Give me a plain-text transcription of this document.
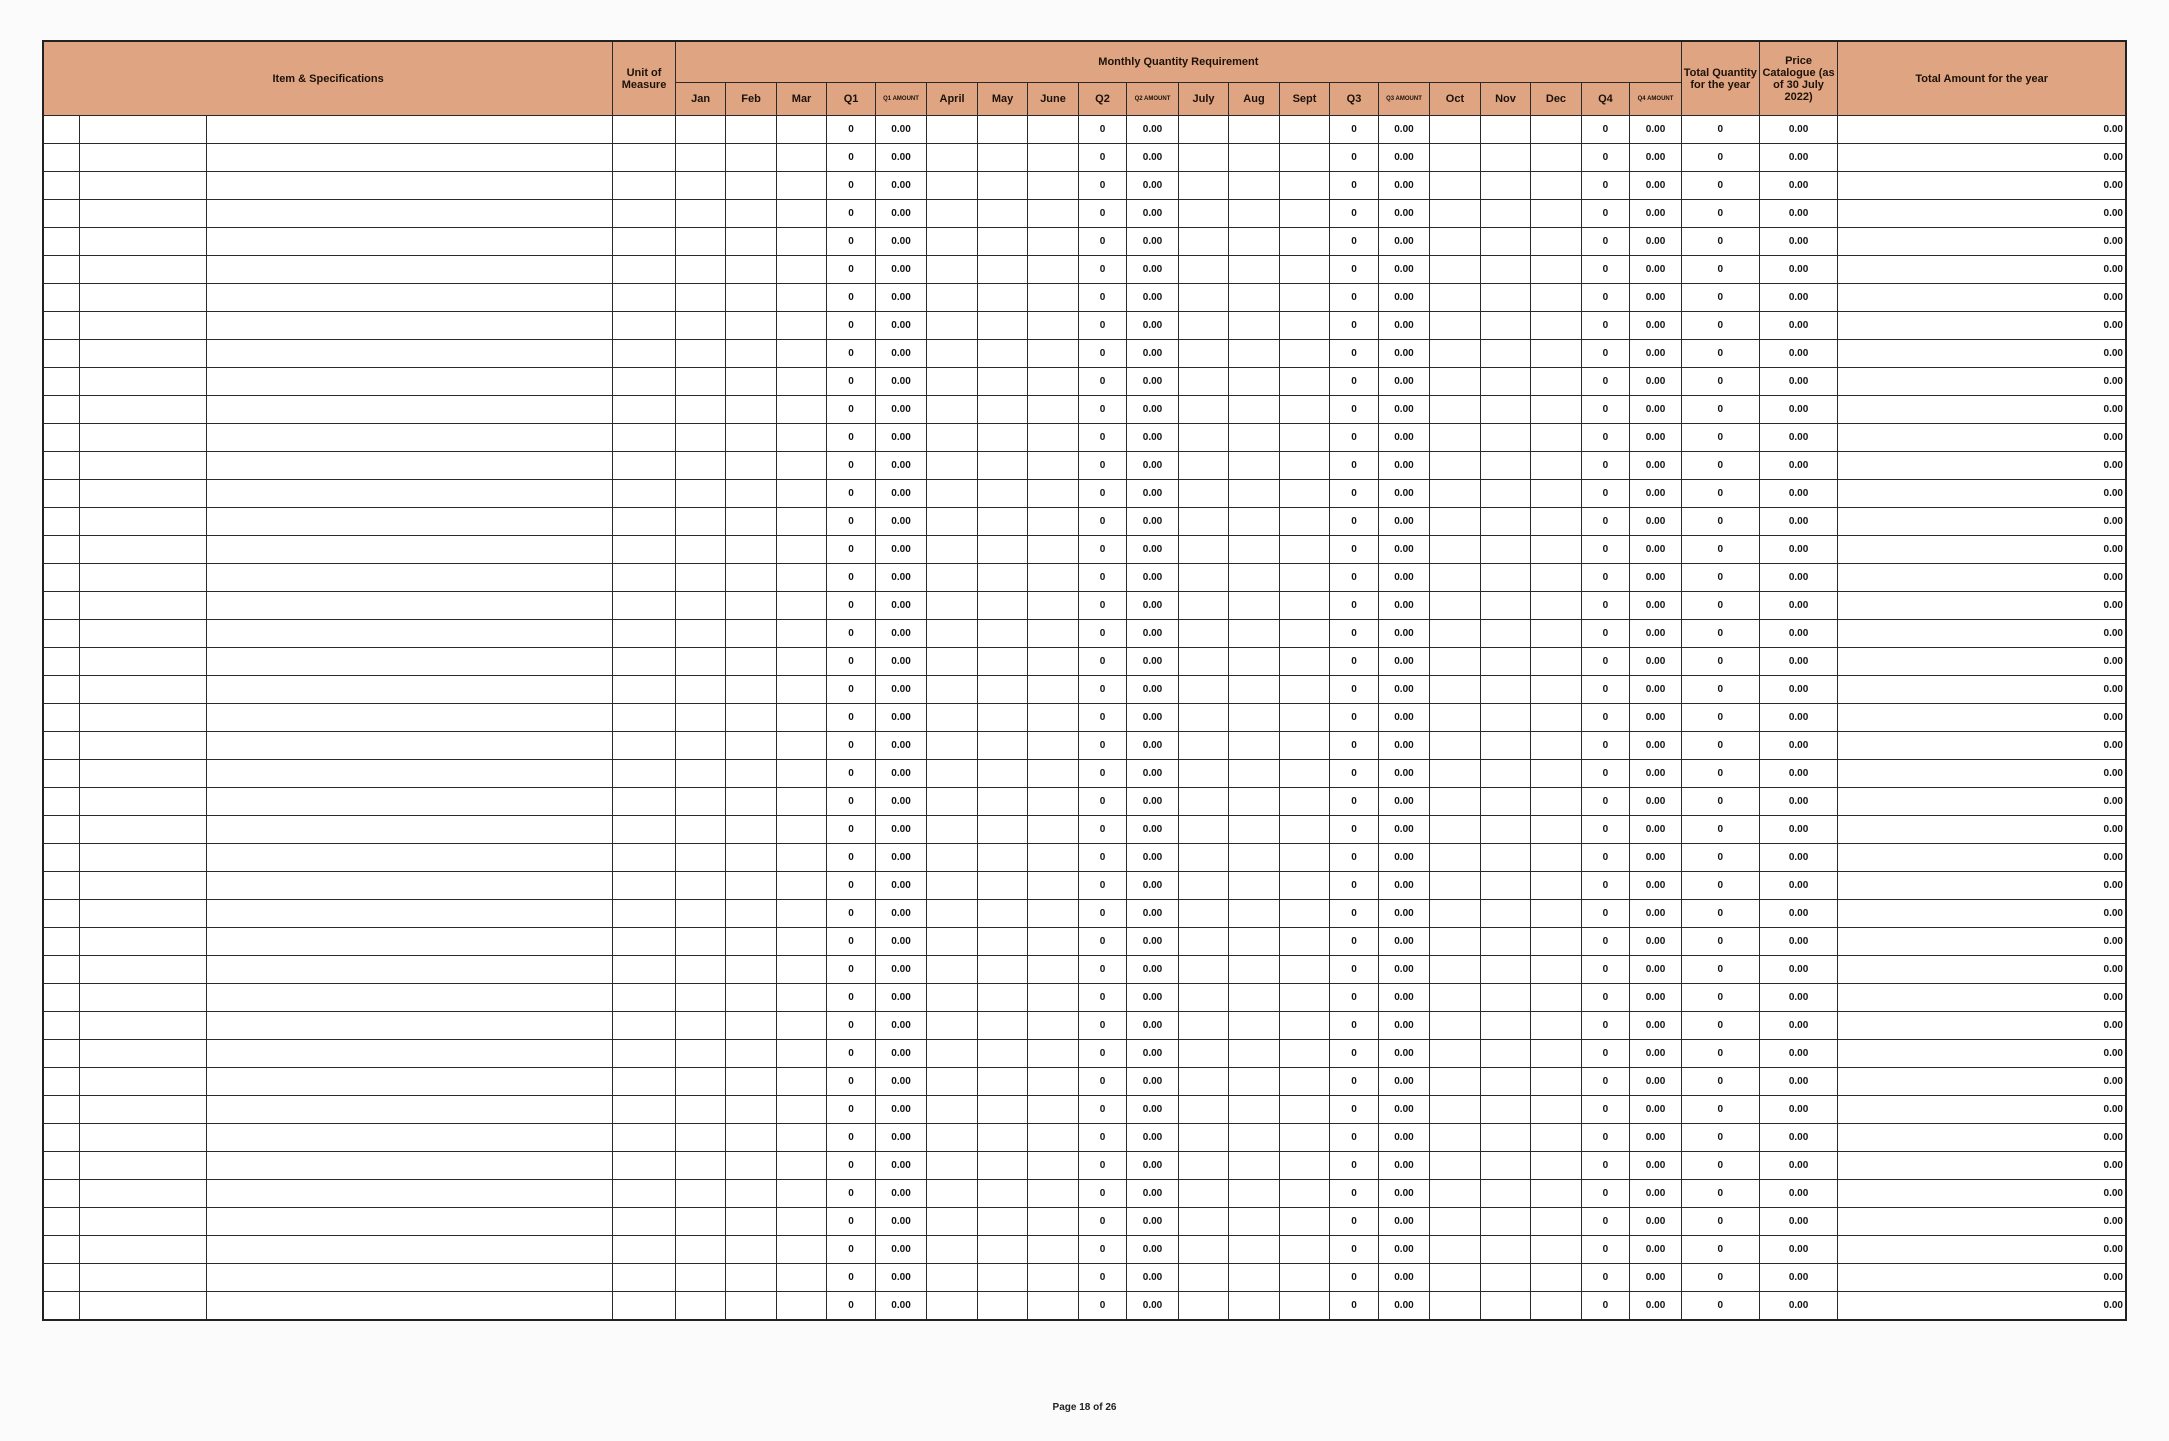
Item & Specifications			Unit of Measure	Monthly Quantity Requirement																				Total Quantity for the year	Price Catalogue (as of 30 July 2022)	Total Amount for the year
				Jan	Feb	Mar	Q1	Q1 AMOUNT	April	May	June	Q2	Q2 AMOUNT	July	Aug	Sept	Q3	Q3 AMOUNT	Oct	Nov	Dec	Q4	Q4 AMOUNT			
							0	0.00				0	0.00				0	0.00				0	0.00	0	0.00	0.00
							0	0.00				0	0.00				0	0.00				0	0.00	0	0.00	0.00
							0	0.00				0	0.00				0	0.00				0	0.00	0	0.00	0.00
							0	0.00				0	0.00				0	0.00				0	0.00	0	0.00	0.00
							0	0.00				0	0.00				0	0.00				0	0.00	0	0.00	0.00
							0	0.00				0	0.00				0	0.00				0	0.00	0	0.00	0.00
							0	0.00				0	0.00				0	0.00				0	0.00	0	0.00	0.00
							0	0.00				0	0.00				0	0.00				0	0.00	0	0.00	0.00
							0	0.00				0	0.00				0	0.00				0	0.00	0	0.00	0.00
							0	0.00				0	0.00				0	0.00				0	0.00	0	0.00	0.00
							0	0.00				0	0.00				0	0.00				0	0.00	0	0.00	0.00
							0	0.00				0	0.00				0	0.00				0	0.00	0	0.00	0.00
							0	0.00				0	0.00				0	0.00				0	0.00	0	0.00	0.00
							0	0.00				0	0.00				0	0.00				0	0.00	0	0.00	0.00
							0	0.00				0	0.00				0	0.00				0	0.00	0	0.00	0.00
							0	0.00				0	0.00				0	0.00				0	0.00	0	0.00	0.00
							0	0.00				0	0.00				0	0.00				0	0.00	0	0.00	0.00
							0	0.00				0	0.00				0	0.00				0	0.00	0	0.00	0.00
							0	0.00				0	0.00				0	0.00				0	0.00	0	0.00	0.00
							0	0.00				0	0.00				0	0.00				0	0.00	0	0.00	0.00
							0	0.00				0	0.00				0	0.00				0	0.00	0	0.00	0.00
							0	0.00				0	0.00				0	0.00				0	0.00	0	0.00	0.00
							0	0.00				0	0.00				0	0.00				0	0.00	0	0.00	0.00
							0	0.00				0	0.00				0	0.00				0	0.00	0	0.00	0.00
							0	0.00				0	0.00				0	0.00				0	0.00	0	0.00	0.00
							0	0.00				0	0.00				0	0.00				0	0.00	0	0.00	0.00
							0	0.00				0	0.00				0	0.00				0	0.00	0	0.00	0.00
							0	0.00				0	0.00				0	0.00				0	0.00	0	0.00	0.00
							0	0.00				0	0.00				0	0.00				0	0.00	0	0.00	0.00
							0	0.00				0	0.00				0	0.00				0	0.00	0	0.00	0.00
							0	0.00				0	0.00				0	0.00				0	0.00	0	0.00	0.00
							0	0.00				0	0.00				0	0.00				0	0.00	0	0.00	0.00
							0	0.00				0	0.00				0	0.00				0	0.00	0	0.00	0.00
							0	0.00				0	0.00				0	0.00				0	0.00	0	0.00	0.00
							0	0.00				0	0.00				0	0.00				0	0.00	0	0.00	0.00
							0	0.00				0	0.00				0	0.00				0	0.00	0	0.00	0.00
							0	0.00				0	0.00				0	0.00				0	0.00	0	0.00	0.00
							0	0.00				0	0.00				0	0.00				0	0.00	0	0.00	0.00
							0	0.00				0	0.00				0	0.00				0	0.00	0	0.00	0.00
							0	0.00				0	0.00				0	0.00				0	0.00	0	0.00	0.00
							0	0.00				0	0.00				0	0.00				0	0.00	0	0.00	0.00
							0	0.00				0	0.00				0	0.00				0	0.00	0	0.00	0.00
							0	0.00				0	0.00				0	0.00				0	0.00	0	0.00	0.00
Page 18 of 26
